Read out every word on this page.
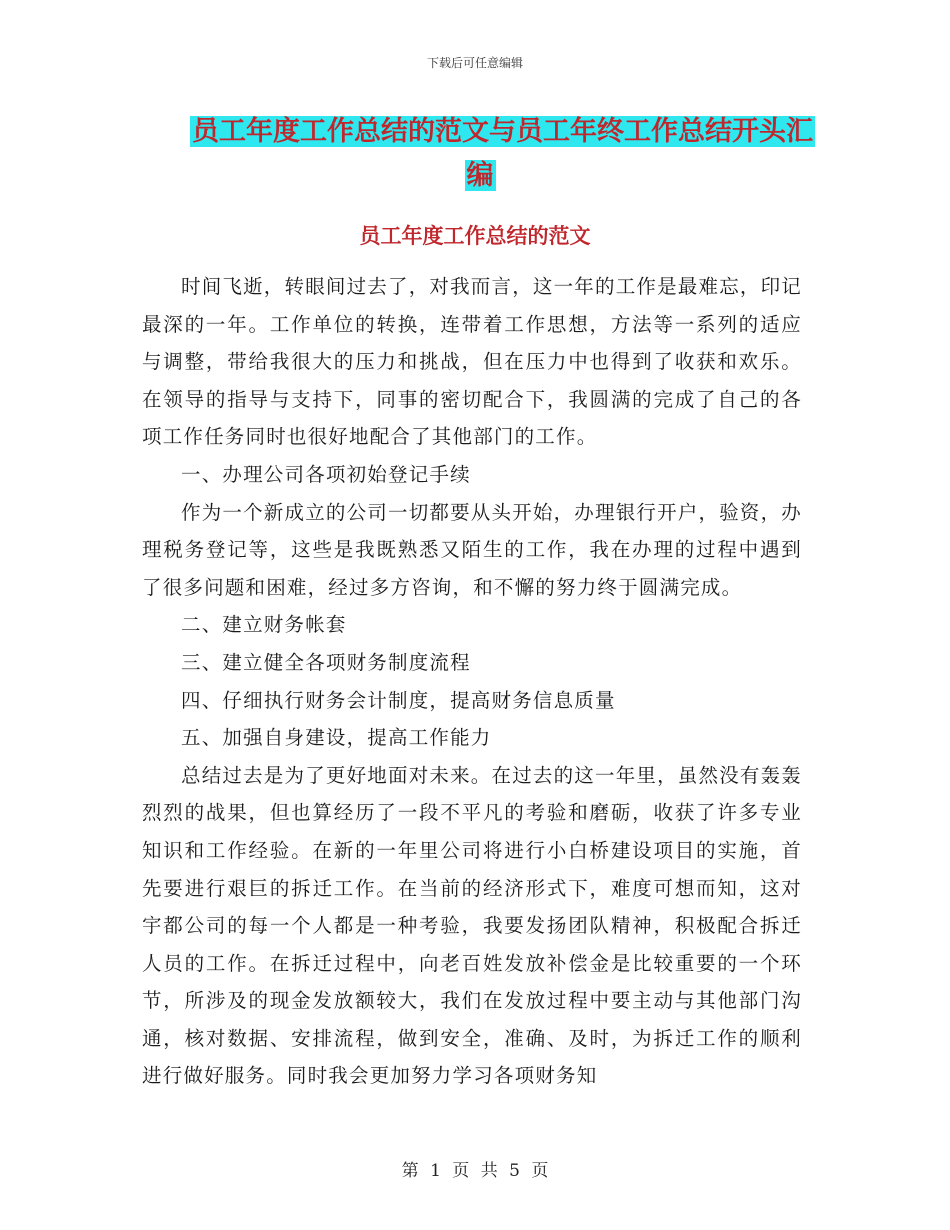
下载后可任意编辑
员工年度工作总结的范文与员工年终工作总结开头汇
编
员工年度工作总结的范文

时间飞逝，转眼间过去了，对我而言，这一年的工作是最难忘，印记最深的一年。工作单位的转换，连带着工作思想，方法等一系列的适应与调整，带给我很大的压力和挑战，但在压力中也得到了收获和欢乐。在领导的指导与支持下，同事的密切配合下，我圆满的完成了自己的各项工作任务同时也很好地配合了其他部门的工作。

一、办理公司各项初始登记手续

作为一个新成立的公司一切都要从头开始，办理银行开户，验资，办理税务登记等，这些是我既熟悉又陌生的工作，我在办理的过程中遇到了很多问题和困难，经过多方咨询，和不懈的努力终于圆满完成。

二、建立财务帐套

三、建立健全各项财务制度流程

四、仔细执行财务会计制度，提高财务信息质量

五、加强自身建设，提高工作能力

总结过去是为了更好地面对未来。在过去的这一年里，虽然没有轰轰烈烈的战果，但也算经历了一段不平凡的考验和磨砺，收获了许多专业知识和工作经验。在新的一年里公司将进行小白桥建设项目的实施，首先要进行艰巨的拆迁工作。在当前的经济形式下，难度可想而知，这对宇都公司的每一个人都是一种考验，我要发扬团队精神，积极配合拆迁人员的工作。在拆迁过程中，向老百姓发放补偿金是比较重要的一个环节，所涉及的现金发放额较大，我们在发放过程中要主动与其他部门沟通，核对数据、安排流程，做到安全，准确、及时，为拆迁工作的顺利进行做好服务。同时我会更加努力学习各项财务知

第 1 页 共 5 页
